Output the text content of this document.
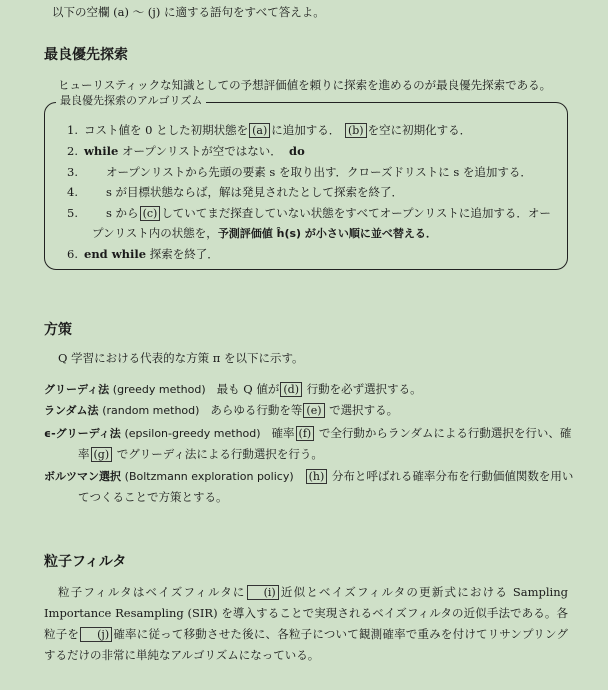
以下の空欄 (a) 〜 (j) に適する語句をすべて答えよ。
最良優先探索
ヒューリスティックな知識としての予想評価値を頼りに探索を進めるのが最良優先探索である。
最良優先探索のアルゴリズム
1. コスト値を 0 とした初期状態を (a) に追加する． (b) を空に初期化する．
2. while オープンリストが空ではない． do
3. オープンリストから先頭の要素 s を取り出す．クローズドリストに s を追加する．
4. s が目標状態ならば，解は発見されたとして探索を終了．
5. s から (c) していてまだ探査していない状態をすべてオープンリストに追加する．オー
プンリスト内の状態を，予測評価値 ĥ(s) が小さい順に並べ替える．
6. end while 探索を終了．
方策
Q 学習における代表的な方策 π を以下に示す。
グリーディ法 (greedy method) 最も Q 値が (d) 行動を必ず選択する。
ランダム法 (random method) あらゆる行動を等 (e) で選択する。
ϵ-グリーディ法 (epsilon-greedy method) 確率 (f) で全行動からランダムによる行動選択を行い、確
率 (g) でグリーディ法による行動選択を行う。
ボルツマン選択 (Boltzmann exploration policy) (h) 分布と呼ばれる確率分布を行動価値関数を用い
てつくることで方策とする。
粒子フィルタ
粒子フィルタはベイズフィルタに (i) 近似とベイズフィルタの更新式における Sampling Importance Resampling (SIR) を導入することで実現されるベイズフィルタの近似手法である。各粒子を (j) 確率に従って移動させた後に、各粒子について観測確率で重みを付けてリサンプリングするだけの非常に単純なアルゴリズムになっている。
